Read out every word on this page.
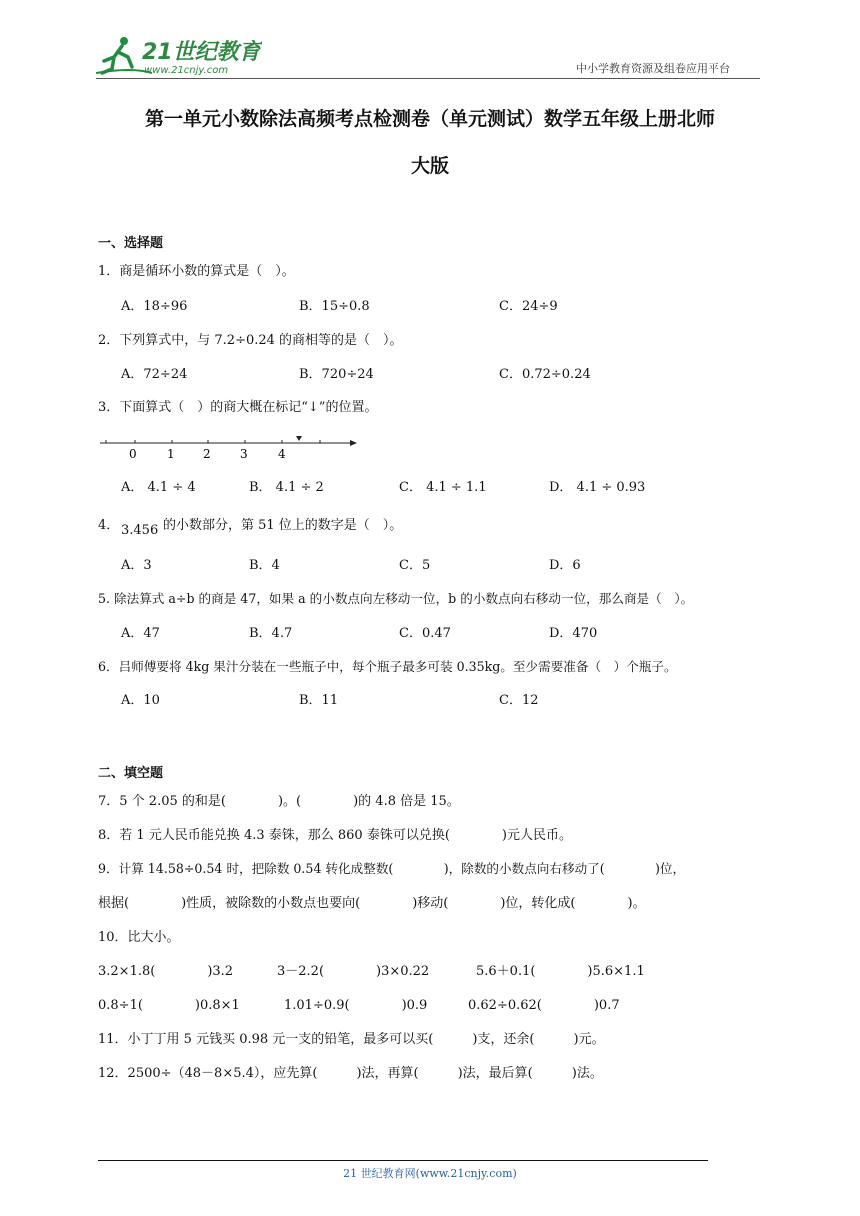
21世纪教育
www.21cnjy.com	中小学教育资源及组卷应用平台
第一单元小数除法高频考点检测卷（单元测试）数学五年级上册北师
大版
一、选择题
1．商是循环小数的算式是（　）。
A．18÷96	B．15÷0.8	C．24÷9
2．下列算式中，与 7.2÷0.24 的商相等的是（　）。
A．72÷24	B．720÷24	C．0.72÷0.24
3．下面算式（　）的商大概在标记“↓”的位置。
0	1 2 3	4
A． 4.1 ÷ 4	B． 4.1 ÷ 2	C． 4.1 ÷ 1.1	D． 4.1 ÷ 0.93
4． 3.456 的小数部分，第 51 位上的数字是（　）。
A．3	B．4	C．5	D．6
5. 除法算式 a÷b 的商是 47，如果 a 的小数点向左移动一位，b 的小数点向右移动一位，那么商是（　）。
A．47	B．4.7	C．0.47	D．470
6．吕师傅要将 4kg 果汁分装在一些瓶子中，每个瓶子最多可装 0.35kg。至少需要准备（　）个瓶子。
A．10	B．11	C．12
二、填空题
7．5 个 2.05 的和是(　　　　)。(　　　　)的 4.8 倍是 15。
8．若 1 元人民币能兑换 4.3 泰铢，那么 860 泰铢可以兑换(　　　　)元人民币。
9．计算 14.58÷0.54 时，把除数 0.54 转化成整数(　　　　)，除数的小数点向右移动了(　　　　)位，
根据(　　　　)性质，被除数的小数点也要向(　　　　)移动(　　　　)位，转化成(　　　　)。
10．比大小。
3.2×1.8(　　　　)3.2	3－2.2(　　　　)3×0.22	5.6＋0.1(　　　　)5.6×1.1
0.8÷1(　　　　)0.8×1	1.01÷0.9(　　　　)0.9	0.62÷0.62(　　　　)0.7
11．小丁丁用 5 元钱买 0.98 元一支的铅笔，最多可以买(　　　)支，还余(　　　)元。
12．2500÷（48－8×5.4），应先算(　　　)法，再算(　　　)法，最后算(　　　)法。
21 世纪教育网(www.21cnjy.com)
